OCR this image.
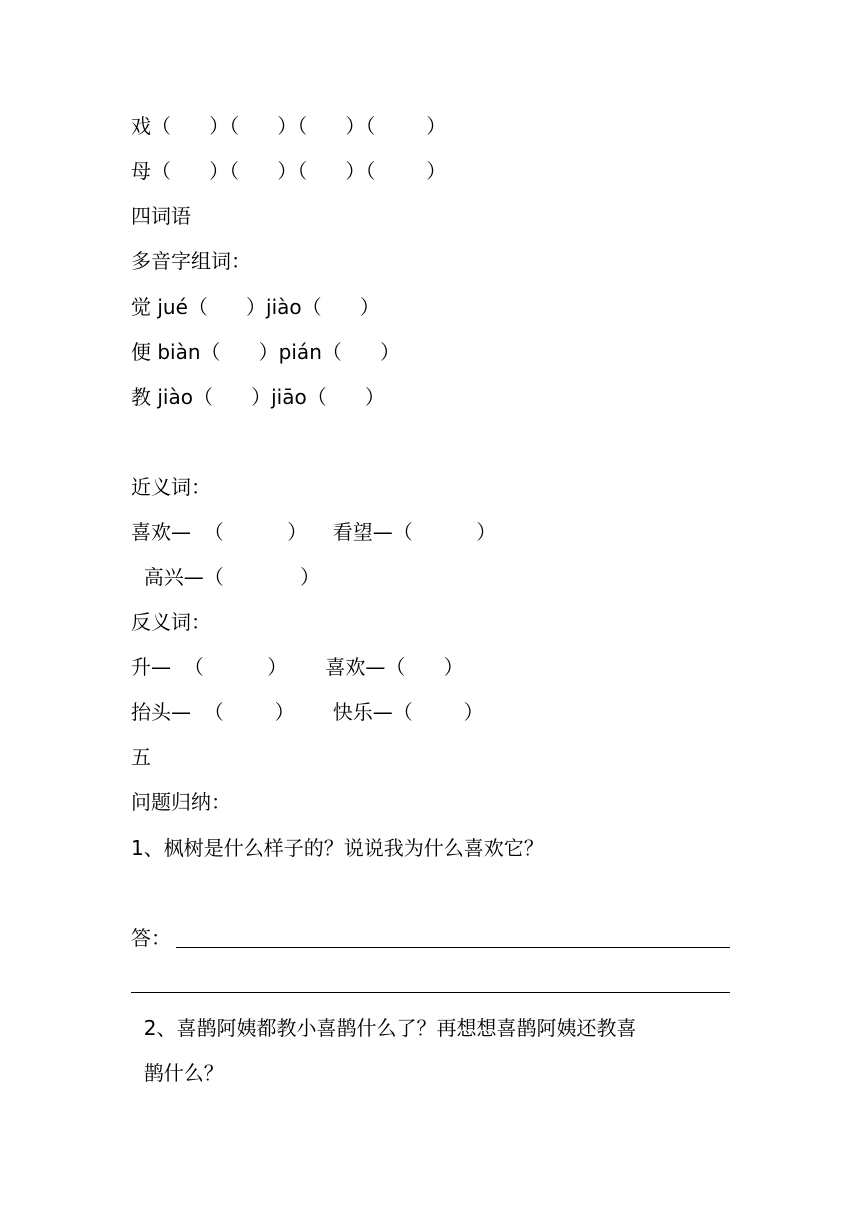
戏（      ）（      ）（      ）（        ）

母（      ）（      ）（      ）（        ）

四词语

多音字组词：

觉 jué（      ）jiào（      ）

便 biàn（      ）pián（      ）

教 jiào（      ）jiāo（      ）

近义词：

喜欢—  （          ）    看望—（          ）

高兴—（            ）

反义词：

升—  （          ）      喜欢—（      ）

抬头—  （        ）      快乐—（        ）

五

问题归纳：

1、枫树是什么样子的？说说我为什么喜欢它？

答：

2、喜鹊阿姨都教小喜鹊什么了？再想想喜鹊阿姨还教喜

鹊什么？
